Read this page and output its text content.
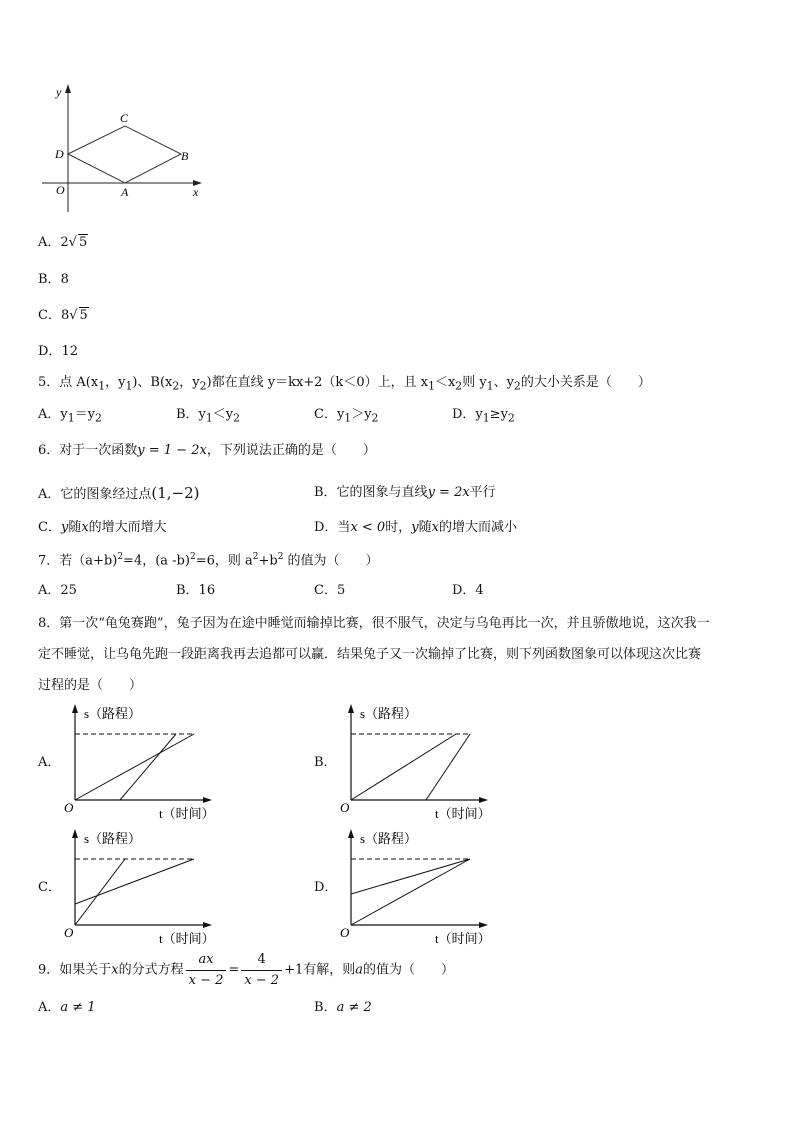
y
x
O	A
B
C
D
A．2√ 5
B．8
C．8√ 5
D．12
5．点 $A(x_1$，$y_1$)、$B(x_2$，$y_2$)都在直线 y＝kx+2（k＜0）上，且 $x_1<x_2$则 $y_1$、$y_2$的大小关系是（　　）
A．$y_1=y_2$	B．$y_1<y_2$	C．$y_1>y_2$	D．$y_1\ge y_2$
6．对于一次函数y = 1 − 2x，下列说法正确的是（　　）
A．它的图象经过点(1,−2)	B．它的图象与直线y = 2x平行
C．y随x的增大而增大	D．当x < 0时，y随x的增大而减小
7．若（a+b)$^2$=4，(a -b)$^2$=6，则 $a^2+b^2$ 的值为（　　）
A．25	B．16	C．5	D．4
8．第一次“龟兔赛跑”，兔子因为在途中睡觉而输掉比赛，很不服气，决定与乌龟再比一次，并且骄傲地说，这次我一
定不睡觉，让乌龟先跑一段距离我再去追都可以赢．结果兔子又一次输掉了比赛，则下列函数图象可以体现这次比赛
过程的是（　　）
A．	B．
C．	D．
s（路程）
t（时间）
O
s（路程）
t（时间）
O
s（路程）
t（时间）
O
s（路程）
t（时间）
O
9．如果关于x的分式方程 $\frac{ax}{x - 2} = \frac{4}{x - 2} +1$有解，则a的值为（　　）
A．a ≠ 1	B．a ≠ 2
